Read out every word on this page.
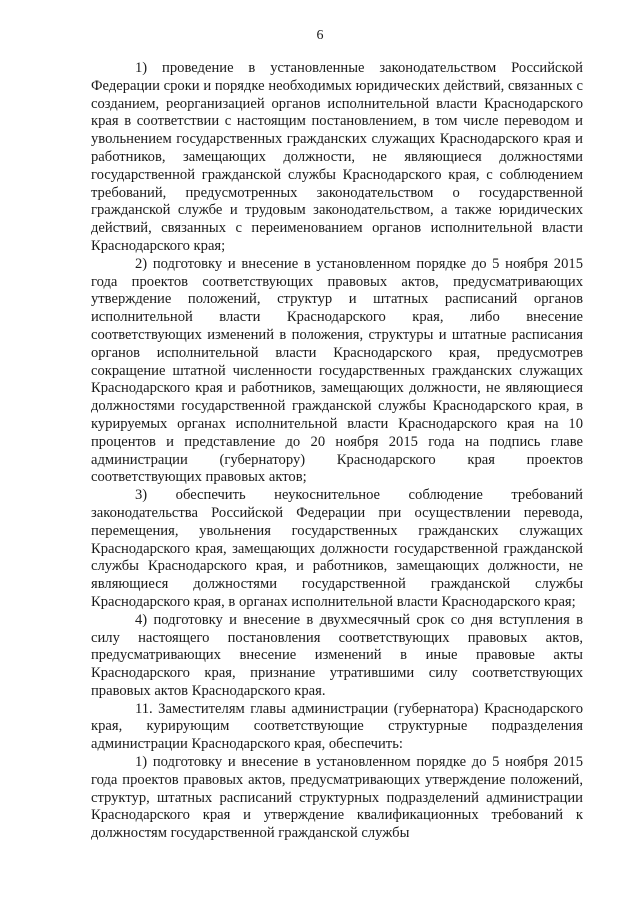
6

1) проведение в установленные законодательством Российской Федерации сроки и порядке необходимых юридических действий, связанных с созданием, реорганизацией органов исполнительной власти Краснодарского края в соответствии с настоящим постановлением, в том числе переводом и увольнением государственных гражданских служащих Краснодарского края и работников, замещающих должности, не являющиеся должностями государственной гражданской службы Краснодарского края, с соблюдением требований, предусмотренных законодательством о государственной гражданской службе и трудовым законодательством, а также юридических действий, связанных с переименованием органов исполнительной власти Краснодарского края;

2) подготовку и внесение в установленном порядке до 5 ноября 2015 года проектов соответствующих правовых актов, предусматривающих утверждение положений, структур и штатных расписаний органов исполнительной власти Краснодарского края, либо внесение соответствующих изменений в положения, структуры и штатные расписания органов исполнительной власти Краснодарского края, предусмотрев сокращение штатной численности государственных гражданских служащих Краснодарского края и работников, замещающих должности, не являющиеся должностями государственной гражданской службы Краснодарского края, в курируемых органах исполнительной власти Краснодарского края на 10 процентов и представление до 20 ноября 2015 года на подпись главе администрации (губернатору) Краснодарского края проектов соответствующих правовых актов;

3) обеспечить неукоснительное соблюдение требований законодательства Российской Федерации при осуществлении перевода, перемещения, увольнения государственных гражданских служащих Краснодарского края, замещающих должности государственной гражданской службы Краснодарского края, и работников, замещающих должности, не являющиеся должностями государственной гражданской службы Краснодарского края, в органах исполнительной власти Краснодарского края;

4) подготовку и внесение в двухмесячный срок со дня вступления в силу настоящего постановления соответствующих правовых актов, предусматривающих внесение изменений в иные правовые акты Краснодарского края, признание утратившими силу соответствующих правовых актов Краснодарского края.

11. Заместителям главы администрации (губернатора) Краснодарского края, курирующим соответствующие структурные подразделения администрации Краснодарского края, обеспечить:

1) подготовку и внесение в установленном порядке до 5 ноября 2015 года проектов правовых актов, предусматривающих утверждение положений, структур, штатных расписаний структурных подразделений администрации Краснодарского края и утверждение квалификационных требований к должностям государственной гражданской службы
